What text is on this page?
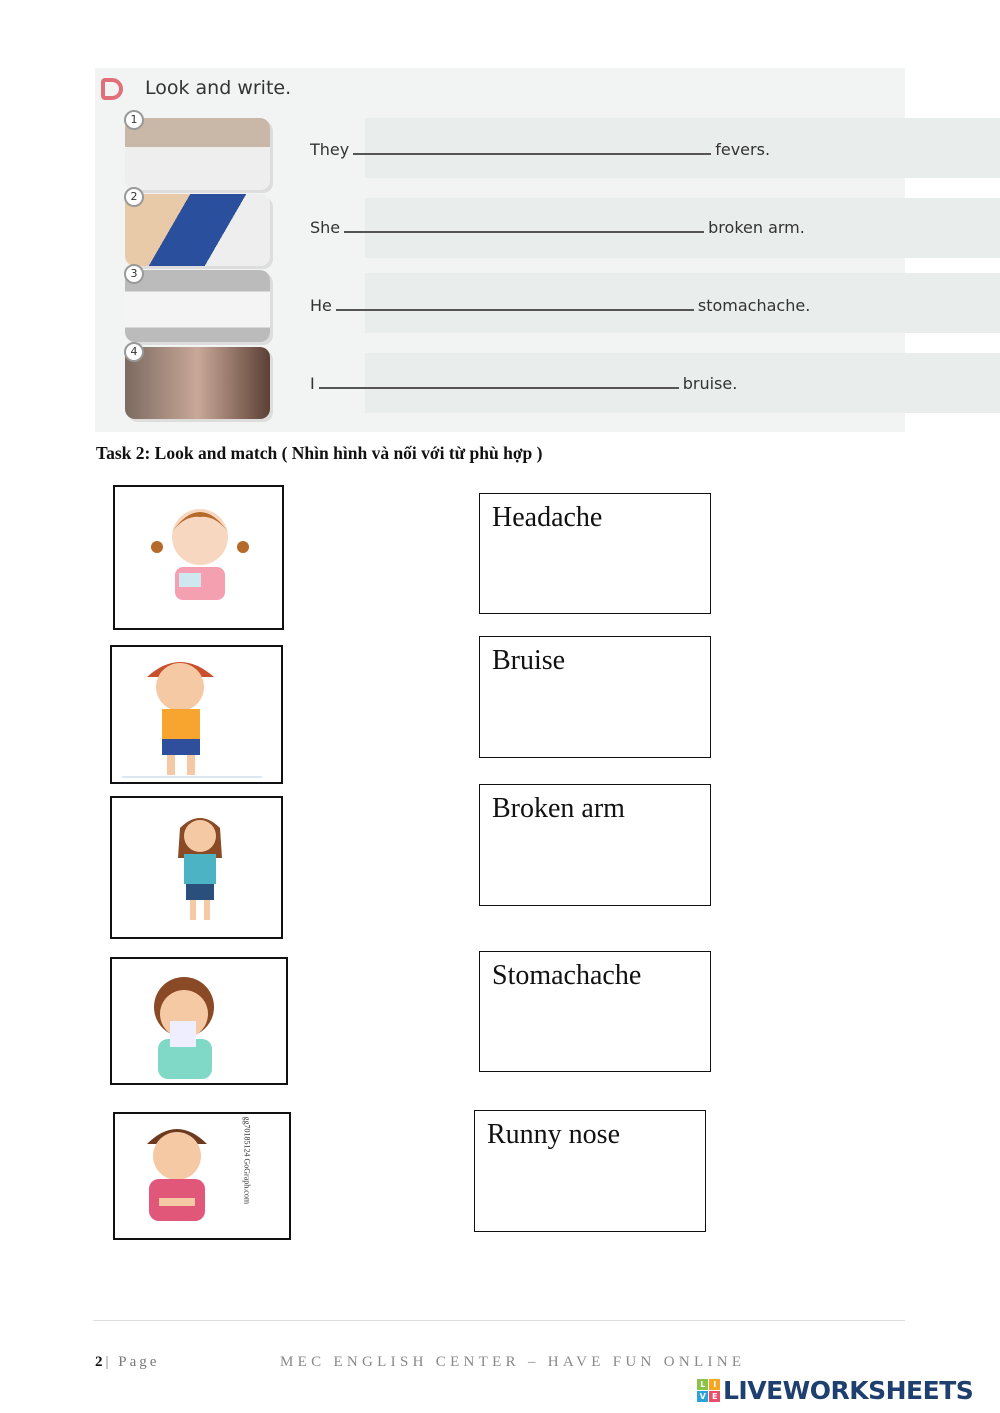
Look and write.
1
2
3
4
They	fevers.
She	broken arm.
He	stomachache.
I	bruise.
Task 2: Look and match ( Nhìn hình và nối với từ phù hợp )
gg70185124 GoGraph.com
Headache
Bruise
Broken arm
Stomachache
Runny nose
2| Page	MEC ENGLISH CENTER – HAVE FUN ONLINE
L	I
V E LIVEWORKSHEETS
